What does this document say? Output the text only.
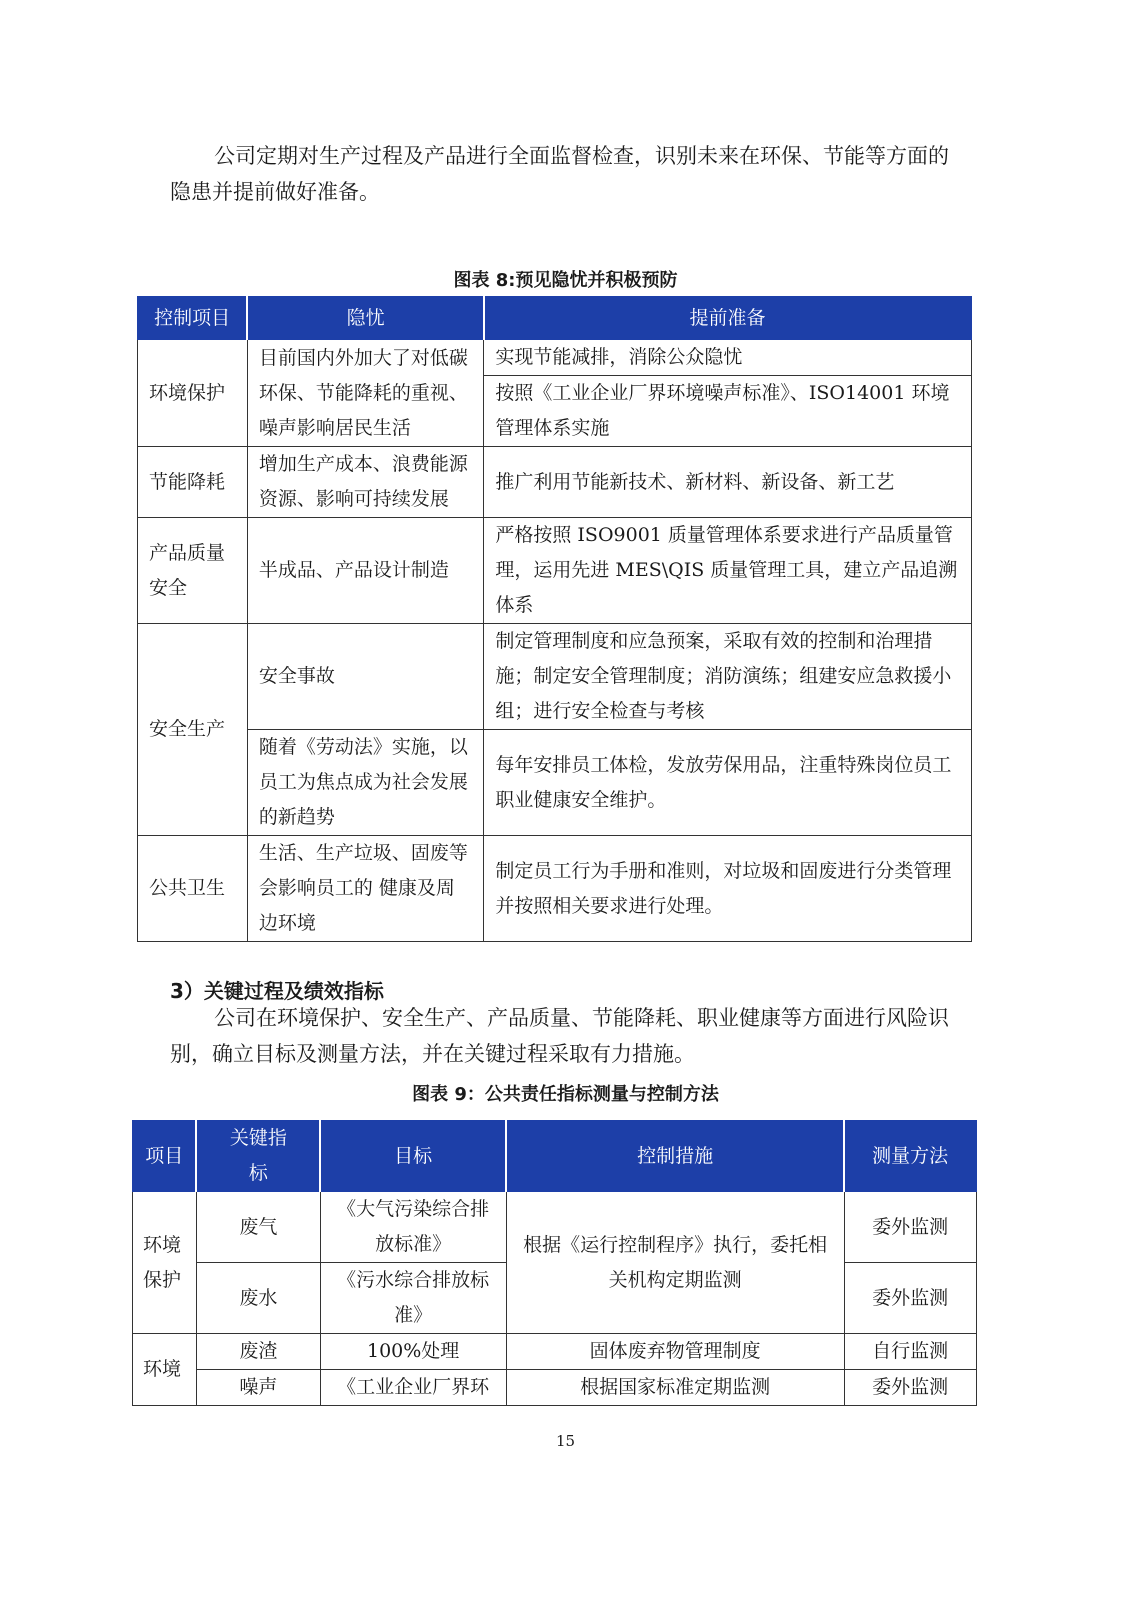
公司定期对生产过程及产品进行全面监督检查，识别未来在环保、节能等方面的隐患并提前做好准备。

图表 8:预见隐忧并积极预防

控制项目	隐忧	提前准备
环境保护	目前国内外加大了对低碳环保、节能降耗的重视、噪声影响居民生活	实现节能减排，消除公众隐忧
		按照《工业企业厂界环境噪声标准》、ISO14001 环境管理体系实施
节能降耗	增加生产成本、浪费能源资源、影响可持续发展	推广利用节能新技术、新材料、新设备、新工艺
产品质量安全	半成品、产品设计制造	严格按照 ISO9001 质量管理体系要求进行产品质量管理，运用先进 MES\QIS 质量管理工具，建立产品追溯体系
安全生产	安全事故	制定管理制度和应急预案，采取有效的控制和治理措施；制定安全管理制度；消防演练；组建安应急救援小组；进行安全检查与考核
	随着《劳动法》实施，以员工为焦点成为社会发展的新趋势	每年安排员工体检，发放劳保用品，注重特殊岗位员工职业健康安全维护。
公共卫生	生活、生产垃圾、固废等会影响员工的 健康及周边环境	制定员工行为手册和准则，对垃圾和固废进行分类管理并按照相关要求进行处理。

3）关键过程及绩效指标

公司在环境保护、安全生产、产品质量、节能降耗、职业健康等方面进行风险识别，确立目标及测量方法，并在关键过程采取有力措施。

图表 9：公共责任指标测量与控制方法

项目	关键指标	目标	控制措施	测量方法
环境保护	废气	《大气污染综合排放标准》	根据《运行控制程序》执行，委托相关机构定期监测	委外监测
	废水	《污水综合排放标准》		委外监测
环境	废渣	100%处理	固体废弃物管理制度	自行监测
	噪声	《工业企业厂界环	根据国家标准定期监测	委外监测

15
